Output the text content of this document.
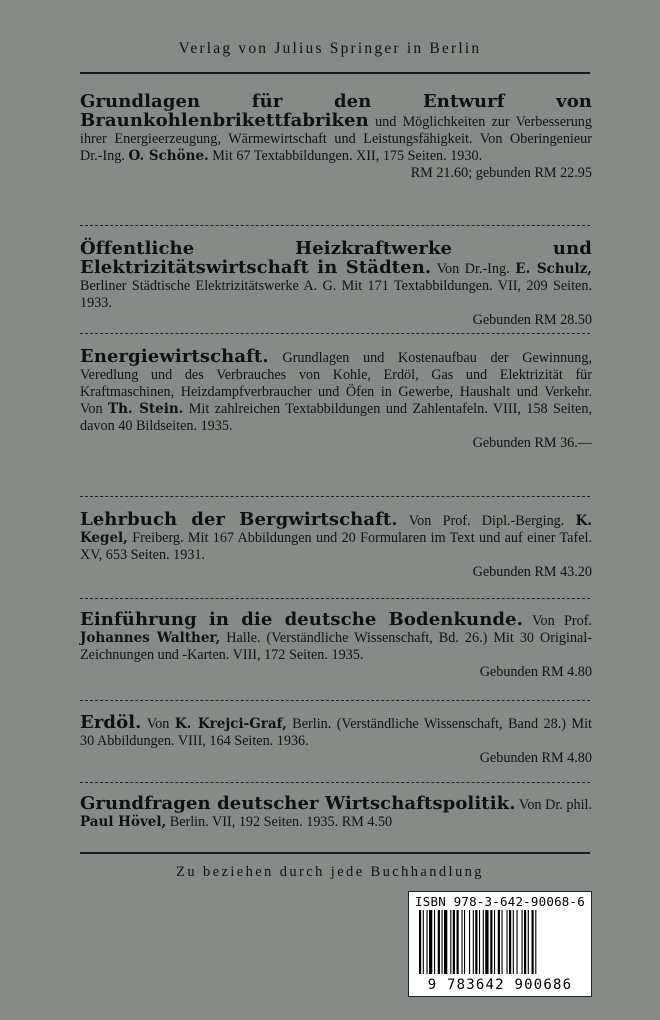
Verlag von Julius Springer in Berlin
Grundlagen für den Entwurf von Braunkohlenbrikettfabriken und Möglichkeiten zur Verbesserung ihrer Energieerzeugung, Wärmewirtschaft und Leistungsfähigkeit. Von Oberingenieur Dr.-Ing. O. Schöne. Mit 67 Textabbildungen. XII, 175 Seiten. 1930.
RM 21.60; gebunden RM 22.95
Öffentliche Heizkraftwerke und Elektrizitätswirtschaft in Städten. Von Dr.-Ing. E. Schulz, Berliner Städtische Elektrizitätswerke A. G. Mit 171 Textabbildungen. VII, 209 Seiten. 1933.
Gebunden RM 28.50
Energiewirtschaft. Grundlagen und Kostenaufbau der Gewinnung, Veredlung und des Verbrauches von Kohle, Erdöl, Gas und Elektrizität für Kraftmaschinen, Heizdampfverbraucher und Öfen in Gewerbe, Haushalt und Verkehr. Von Th. Stein. Mit zahlreichen Textabbildungen und Zahlentafeln. VIII, 158 Seiten, davon 40 Bildseiten. 1935.
Gebunden RM 36.—
Lehrbuch der Bergwirtschaft. Von Prof. Dipl.-Berging. K. Kegel, Freiberg. Mit 167 Abbildungen und 20 Formularen im Text und auf einer Tafel. XV, 653 Seiten. 1931.
Gebunden RM 43.20
Einführung in die deutsche Bodenkunde. Von Prof. Johannes Walther, Halle. (Verständliche Wissenschaft, Bd. 26.) Mit 30 Original-Zeichnungen und -Karten. VIII, 172 Seiten. 1935.
Gebunden RM 4.80
Erdöl. Von K. Krejci-Graf, Berlin. (Verständliche Wissenschaft, Band 28.) Mit 30 Abbildungen. VIII, 164 Seiten. 1936.
Gebunden RM 4.80
Grundfragen deutscher Wirtschaftspolitik. Von Dr. phil. Paul Hövel, Berlin. VII, 192 Seiten. 1935. RM 4.50
Zu beziehen durch jede Buchhandlung
ISBN 978-3-642-90068-6
9 783642 900686
